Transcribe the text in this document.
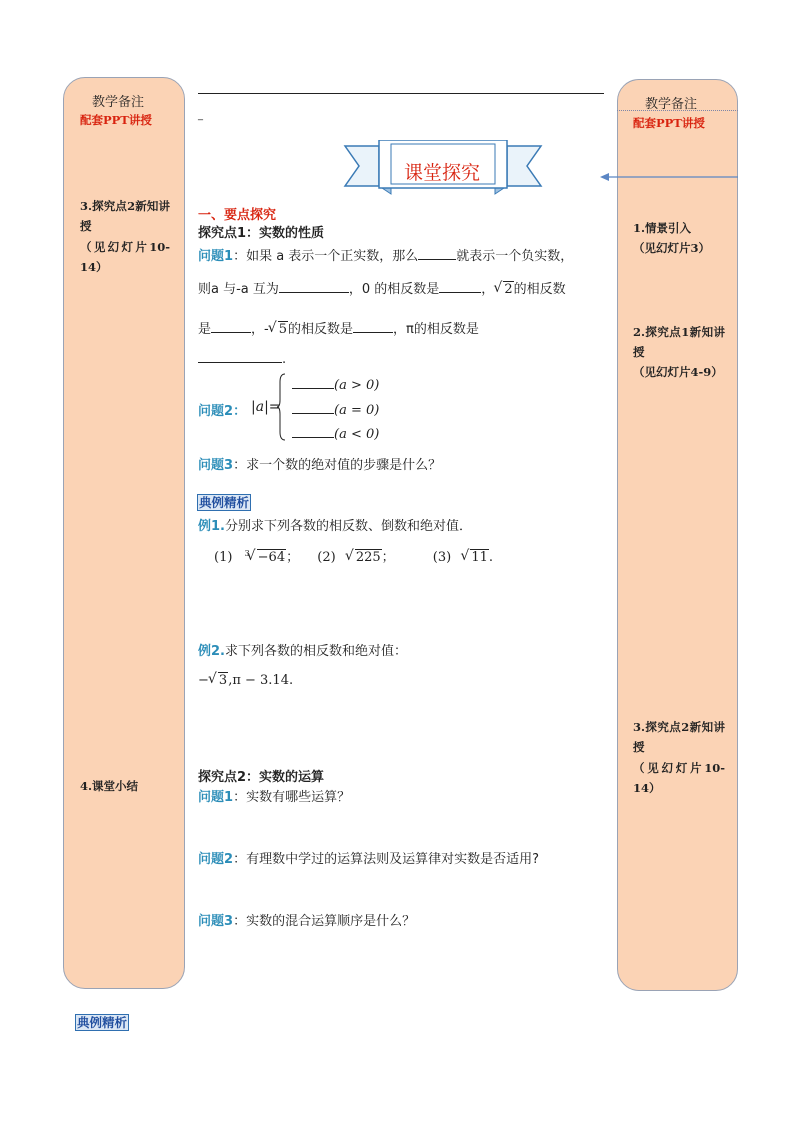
教学备注
配套PPT讲授
3.探究点2新知讲授
（见幻灯片10-14）
4.课堂小结
教学备注
配套PPT讲授
1.情景引入
（见幻灯片3）
2.探究点1新知讲授
（见幻灯片4-9）
3.探究点2新知讲授
（见幻灯片10-14）
_
课堂探究
一、要点探究
探究点1：实数的性质
问题1：如果 a 表示一个正实数，那么	就表示一个负实数，
则a 与-a 互为	，0 的相反数是	， √ 2的相反数
是	，- √ 5的相反数是	，π的相反数是
.
问题2： |a|=
(a > 0)
(a = 0)
(a < 0)
问题3：求一个数的绝对值的步骤是什么？
典例精析
例1.分别求下列各数的相反数、倒数和绝对值．
(1) $^3$ √ −64； (2) √ 225；	(3) √ 11.
例2.求下列各数的相反数和绝对值：
− √ 3,π − 3.14.
探究点2：实数的运算
问题1：实数有哪些运算？
问题2：有理数中学过的运算法则及运算律对实数是否适用?
问题3：实数的混合运算顺序是什么？
典例精析
